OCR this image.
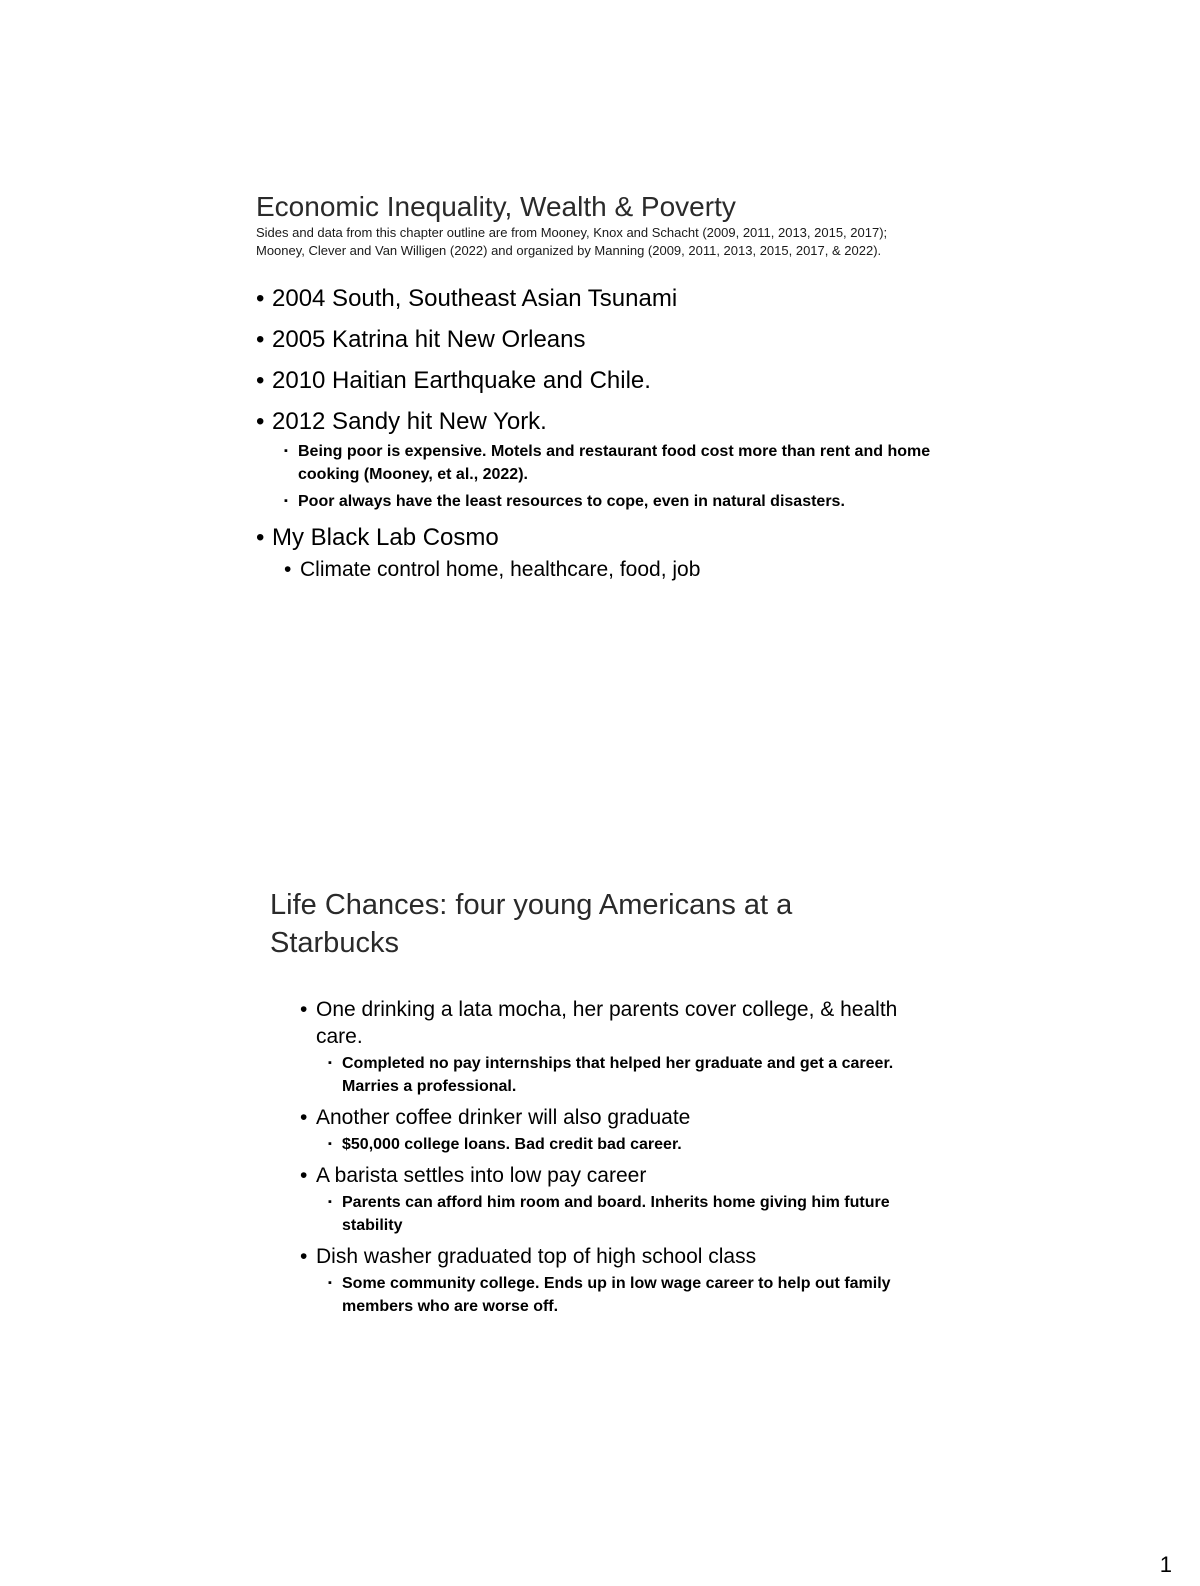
Economic Inequality, Wealth & Poverty

Sides and data from this chapter outline are from Mooney, Knox and Schacht (2009, 2011, 2013, 2015, 2017); Mooney, Clever and Van Willigen (2022) and organized by Manning (2009, 2011, 2013, 2015, 2017, & 2022).

• 2004 South, Southeast Asian Tsunami
• 2005 Katrina hit New Orleans
• 2010 Haitian Earthquake and Chile.
• 2012 Sandy hit New York.
▪ Being poor is expensive. Motels and restaurant food cost more than rent and home cooking (Mooney, et al., 2022).
▪ Poor always have the least resources to cope, even in natural disasters.
• My Black Lab Cosmo
• Climate control home, healthcare, food, job
Life Chances: four young Americans at a Starbucks
• One drinking a lata mocha, her parents cover college, & health care.
▪ Completed no pay internships that helped her graduate and get a career. Marries a professional.
• Another coffee drinker will also graduate
▪ $50,000 college loans. Bad credit bad career.
• A barista settles into low pay career
▪ Parents can afford him room and board. Inherits home giving him future stability
• Dish washer graduated top of high school class
▪ Some community college. Ends up in low wage career to help out family members who are worse off.
1
